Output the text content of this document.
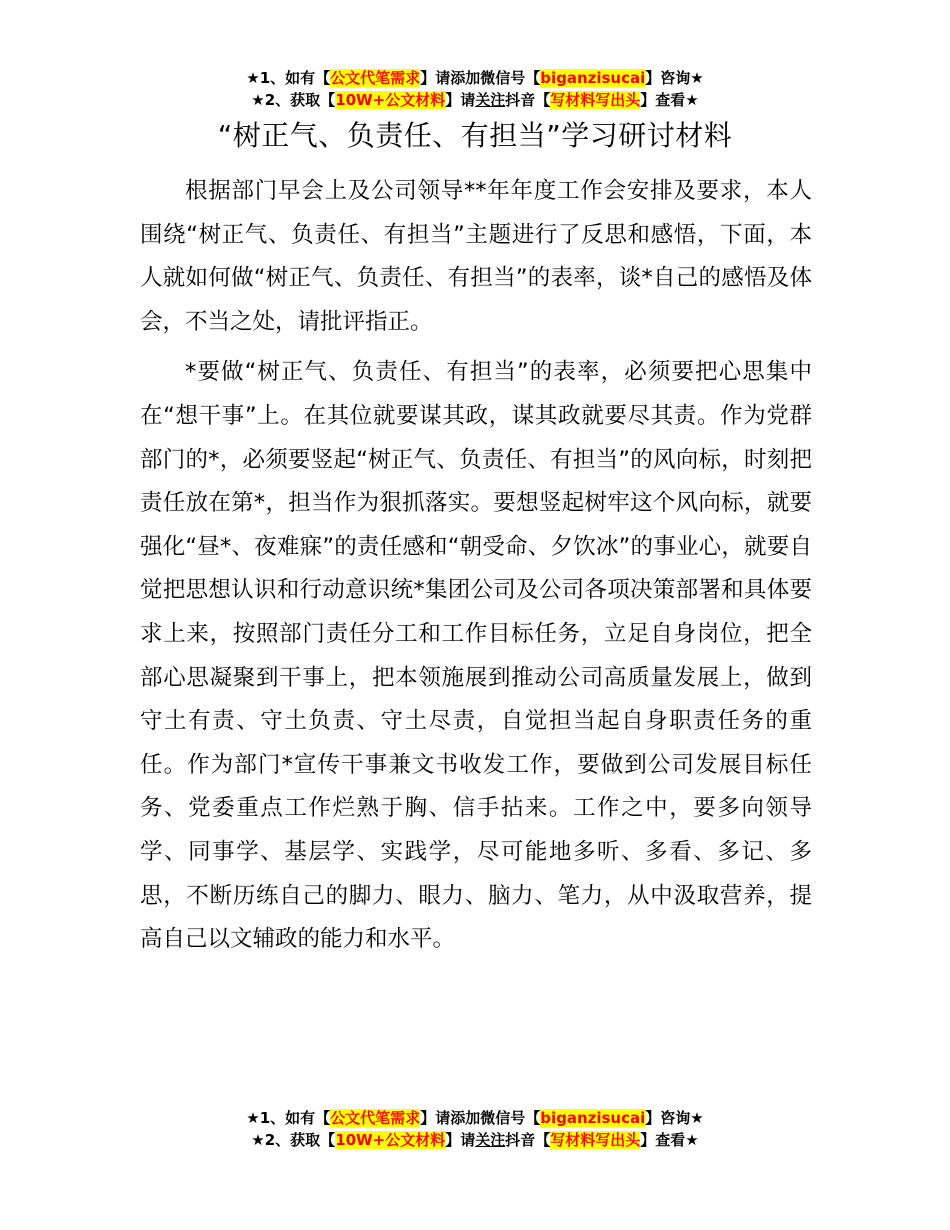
★1、如有【公文代笔需求】请添加微信号【biganzisucai】咨询★
★2、获取【10W+公文材料】请关注抖音【写材料写出头】查看★
“树正气、负责任、有担当”学习研讨材料

根据部门早会上及公司领导**年年度工作会安排及要求，本人围绕“树正气、负责任、有担当”主题进行了反思和感悟，下面，本人就如何做“树正气、负责任、有担当”的表率，谈*自己的感悟及体会，不当之处，请批评指正。

*要做“树正气、负责任、有担当”的表率，必须要把心思集中在“想干事”上。在其位就要谋其政，谋其政就要尽其责。作为党群部门的*，必须要竖起“树正气、负责任、有担当”的风向标，时刻把责任放在第*，担当作为狠抓落实。要想竖起树牢这个风向标，就要强化“昼*、夜难寐”的责任感和“朝受命、夕饮冰”的事业心，就要自觉把思想认识和行动意识统*集团公司及公司各项决策部署和具体要求上来，按照部门责任分工和工作目标任务，立足自身岗位，把全部心思凝聚到干事上，把本领施展到推动公司高质量发展上，做到守土有责、守土负责、守土尽责，自觉担当起自身职责任务的重任。作为部门*宣传干事兼文书收发工作，要做到公司发展目标任务、党委重点工作烂熟于胸、信手拈来。工作之中，要多向领导学、同事学、基层学、实践学，尽可能地多听、多看、多记、多思，不断历练自己的脚力、眼力、脑力、笔力，从中汲取营养，提高自己以文辅政的能力和水平。

★1、如有【公文代笔需求】请添加微信号【biganzisucai】咨询★
★2、获取【10W+公文材料】请关注抖音【写材料写出头】查看★
